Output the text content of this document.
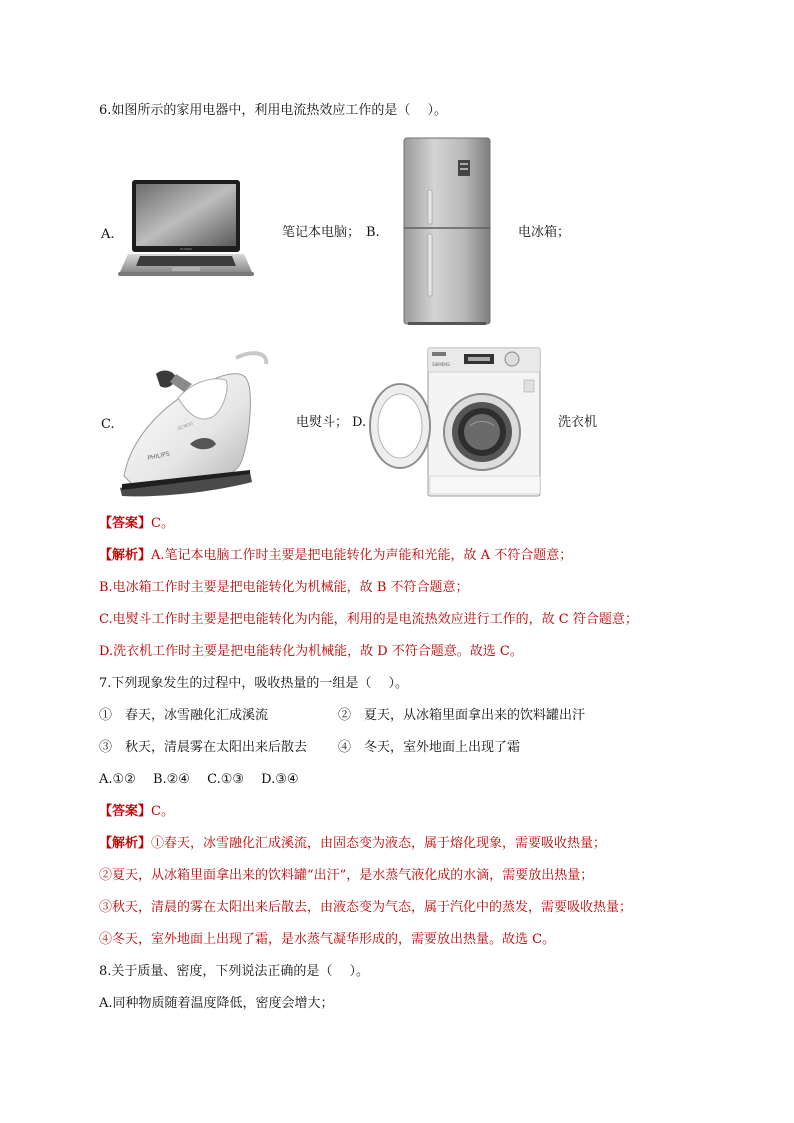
6.如图所示的家用电器中，利用电流热效应工作的是（　 ）。
A.
HUAWEI
笔记本电脑； B.	电冰箱；
C.
PHILIPS
GC3810	电熨斗； D.
SIEMENS
洗衣机
【答案】C。
【解析】A.笔记本电脑工作时主要是把电能转化为声能和光能，故 A 不符合题意；
B.电冰箱工作时主要是把电能转化为机械能，故 B 不符合题意；
C.电熨斗工作时主要是把电能转化为内能，利用的是电流热效应进行工作的，故 C 符合题意；
D.洗衣机工作时主要是把电能转化为机械能，故 D 不符合题意。故选 C。
7.下列现象发生的过程中，吸收热量的一组是（　 ）。
①　春天，冰雪融化汇成溪流	②　夏天，从冰箱里面拿出来的饮料罐出汗
③　秋天，清晨雾在太阳出来后散去 ④　冬天，室外地面上出现了霜
A.①②　 B.②④　 C.①③　 D.③④
【答案】C。
【解析】①春天，冰雪融化汇成溪流，由固态变为液态，属于熔化现象，需要吸收热量；
②夏天，从冰箱里面拿出来的饮料罐“出汗”，是水蒸气液化成的水滴，需要放出热量；
③秋天，清晨的雾在太阳出来后散去，由液态变为气态，属于汽化中的蒸发，需要吸收热量；
④冬天，室外地面上出现了霜，是水蒸气凝华形成的，需要放出热量。故选 C。
8.关于质量、密度，下列说法正确的是（　 ）。
A.同种物质随着温度降低，密度会增大；
